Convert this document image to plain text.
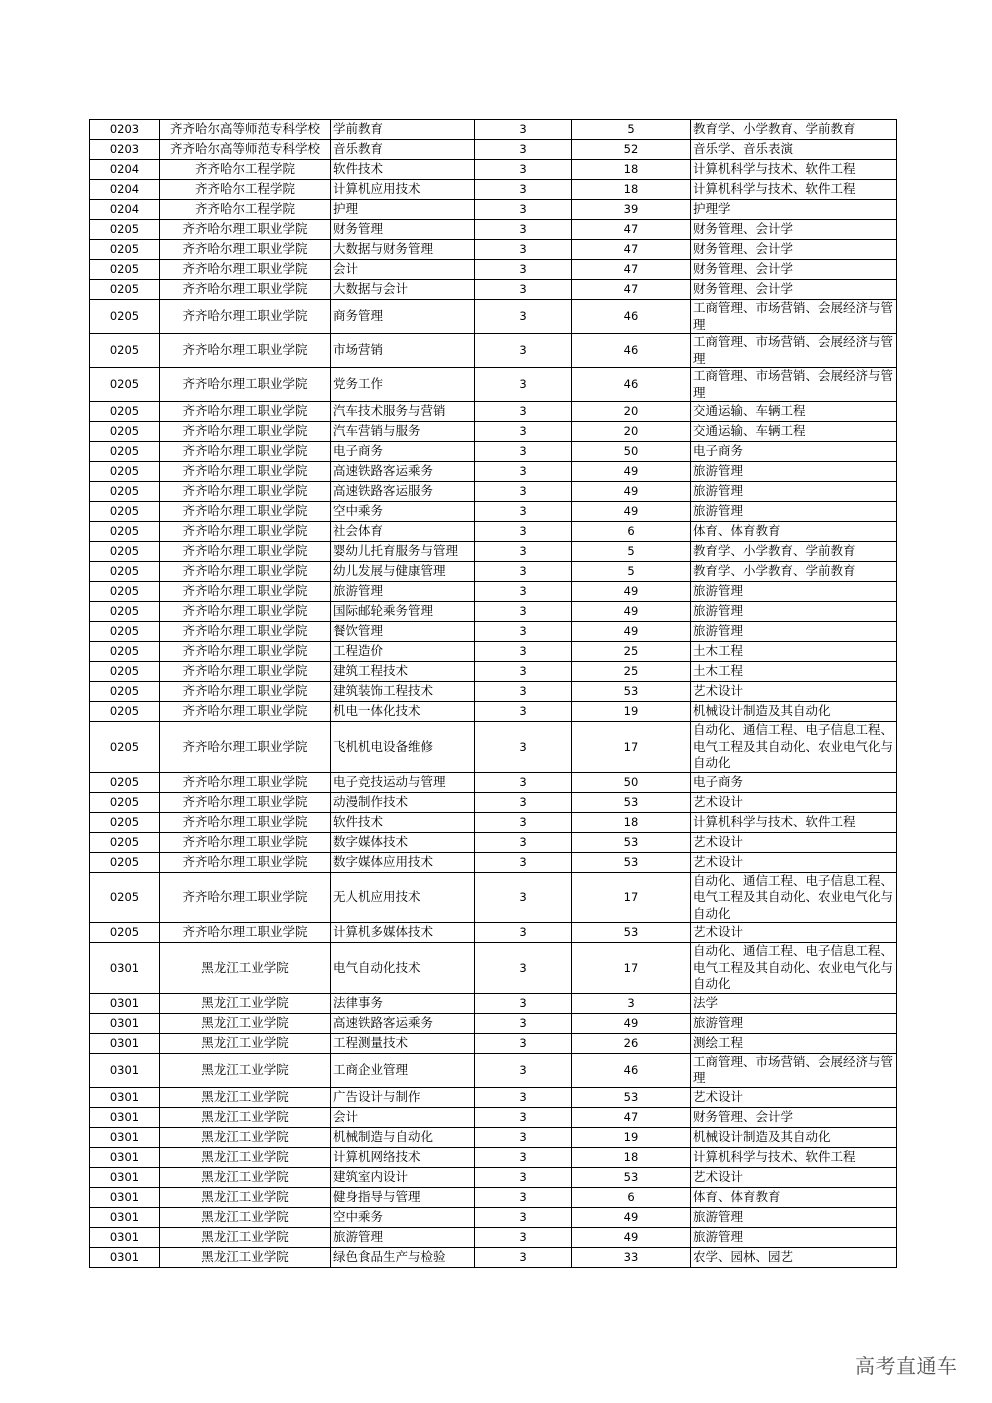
0203	齐齐哈尔高等师范专科学校	学前教育	3	5	教育学、小学教育、学前教育
0203	齐齐哈尔高等师范专科学校	音乐教育	3	52	音乐学、音乐表演
0204	齐齐哈尔工程学院	软件技术	3	18	计算机科学与技术、软件工程
0204	齐齐哈尔工程学院	计算机应用技术	3	18	计算机科学与技术、软件工程
0204	齐齐哈尔工程学院	护理	3	39	护理学
0205	齐齐哈尔理工职业学院	财务管理	3	47	财务管理、会计学
0205	齐齐哈尔理工职业学院	大数据与财务管理	3	47	财务管理、会计学
0205	齐齐哈尔理工职业学院	会计	3	47	财务管理、会计学
0205	齐齐哈尔理工职业学院	大数据与会计	3	47	财务管理、会计学
0205	齐齐哈尔理工职业学院	商务管理	3	46	工商管理、市场营销、会展经济与管理
0205	齐齐哈尔理工职业学院	市场营销	3	46	工商管理、市场营销、会展经济与管理
0205	齐齐哈尔理工职业学院	党务工作	3	46	工商管理、市场营销、会展经济与管理
0205	齐齐哈尔理工职业学院	汽车技术服务与营销	3	20	交通运输、车辆工程
0205	齐齐哈尔理工职业学院	汽车营销与服务	3	20	交通运输、车辆工程
0205	齐齐哈尔理工职业学院	电子商务	3	50	电子商务
0205	齐齐哈尔理工职业学院	高速铁路客运乘务	3	49	旅游管理
0205	齐齐哈尔理工职业学院	高速铁路客运服务	3	49	旅游管理
0205	齐齐哈尔理工职业学院	空中乘务	3	49	旅游管理
0205	齐齐哈尔理工职业学院	社会体育	3	6	体育、体育教育
0205	齐齐哈尔理工职业学院	婴幼儿托育服务与管理	3	5	教育学、小学教育、学前教育
0205	齐齐哈尔理工职业学院	幼儿发展与健康管理	3	5	教育学、小学教育、学前教育
0205	齐齐哈尔理工职业学院	旅游管理	3	49	旅游管理
0205	齐齐哈尔理工职业学院	国际邮轮乘务管理	3	49	旅游管理
0205	齐齐哈尔理工职业学院	餐饮管理	3	49	旅游管理
0205	齐齐哈尔理工职业学院	工程造价	3	25	土木工程
0205	齐齐哈尔理工职业学院	建筑工程技术	3	25	土木工程
0205	齐齐哈尔理工职业学院	建筑装饰工程技术	3	53	艺术设计
0205	齐齐哈尔理工职业学院	机电一体化技术	3	19	机械设计制造及其自动化
0205	齐齐哈尔理工职业学院	飞机机电设备维修	3	17	自动化、通信工程、电子信息工程、电气工程及其自动化、农业电气化与自动化
0205	齐齐哈尔理工职业学院	电子竞技运动与管理	3	50	电子商务
0205	齐齐哈尔理工职业学院	动漫制作技术	3	53	艺术设计
0205	齐齐哈尔理工职业学院	软件技术	3	18	计算机科学与技术、软件工程
0205	齐齐哈尔理工职业学院	数字媒体技术	3	53	艺术设计
0205	齐齐哈尔理工职业学院	数字媒体应用技术	3	53	艺术设计
0205	齐齐哈尔理工职业学院	无人机应用技术	3	17	自动化、通信工程、电子信息工程、电气工程及其自动化、农业电气化与自动化
0205	齐齐哈尔理工职业学院	计算机多媒体技术	3	53	艺术设计
0301	黑龙江工业学院	电气自动化技术	3	17	自动化、通信工程、电子信息工程、电气工程及其自动化、农业电气化与自动化
0301	黑龙江工业学院	法律事务	3	3	法学
0301	黑龙江工业学院	高速铁路客运乘务	3	49	旅游管理
0301	黑龙江工业学院	工程测量技术	3	26	测绘工程
0301	黑龙江工业学院	工商企业管理	3	46	工商管理、市场营销、会展经济与管理
0301	黑龙江工业学院	广告设计与制作	3	53	艺术设计
0301	黑龙江工业学院	会计	3	47	财务管理、会计学
0301	黑龙江工业学院	机械制造与自动化	3	19	机械设计制造及其自动化
0301	黑龙江工业学院	计算机网络技术	3	18	计算机科学与技术、软件工程
0301	黑龙江工业学院	建筑室内设计	3	53	艺术设计
0301	黑龙江工业学院	健身指导与管理	3	6	体育、体育教育
0301	黑龙江工业学院	空中乘务	3	49	旅游管理
0301	黑龙江工业学院	旅游管理	3	49	旅游管理
0301	黑龙江工业学院	绿色食品生产与检验	3	33	农学、园林、园艺
高考直通车
